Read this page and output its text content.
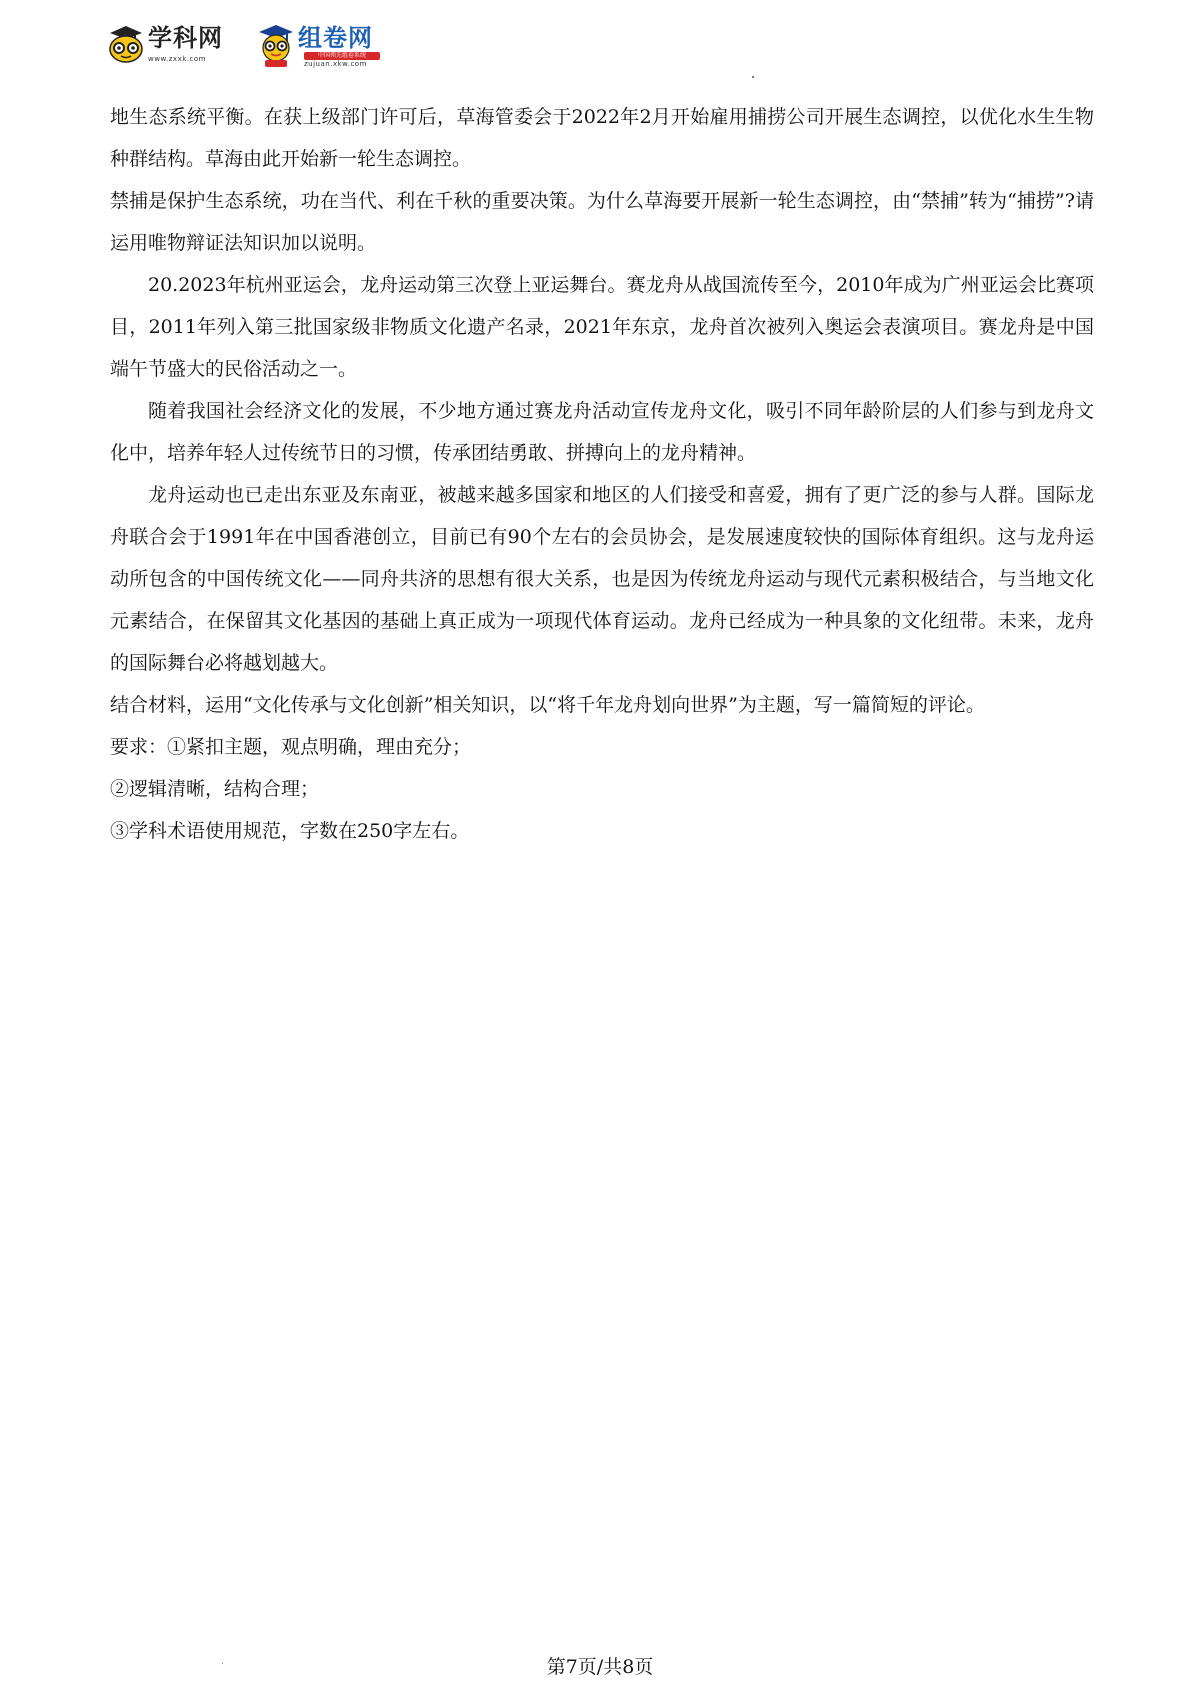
学科网
www.zxxk.com
组卷网
中国领先组卷系统
zujuan.xkw.com

地生态系统平衡。在获上级部门许可后，草海管委会于2022年2月开始雇用捕捞公司开展生态调控，以优化水生生物种群结构。草海由此开始新一轮生态调控。

禁捕是保护生态系统，功在当代、利在千秋的重要决策。为什么草海要开展新一轮生态调控，由“禁捕”转为“捕捞”?请运用唯物辩证法知识加以说明。

20.2023年杭州亚运会，龙舟运动第三次登上亚运舞台。赛龙舟从战国流传至今，2010年成为广州亚运会比赛项目，2011年列入第三批国家级非物质文化遗产名录，2021年东京，龙舟首次被列入奥运会表演项目。赛龙舟是中国端午节盛大的民俗活动之一。

随着我国社会经济文化的发展，不少地方通过赛龙舟活动宣传龙舟文化，吸引不同年龄阶层的人们参与到龙舟文化中，培养年轻人过传统节日的习惯，传承团结勇敢、拼搏向上的龙舟精神。

龙舟运动也已走出东亚及东南亚，被越来越多国家和地区的人们接受和喜爱，拥有了更广泛的参与人群。国际龙舟联合会于1991年在中国香港创立，目前已有90个左右的会员协会，是发展速度较快的国际体育组织。这与龙舟运动所包含的中国传统文化——同舟共济的思想有很大关系，也是因为传统龙舟运动与现代元素积极结合，与当地文化元素结合，在保留其文化基因的基础上真正成为一项现代体育运动。龙舟已经成为一种具象的文化纽带。未来，龙舟的国际舞台必将越划越大。

结合材料，运用“文化传承与文化创新”相关知识，以“将千年龙舟划向世界”为主题，写一篇简短的评论。

要求：①紧扣主题，观点明确，理由充分；

②逻辑清晰，结构合理；

③学科术语使用规范，字数在250字左右。

第7页/共8页
